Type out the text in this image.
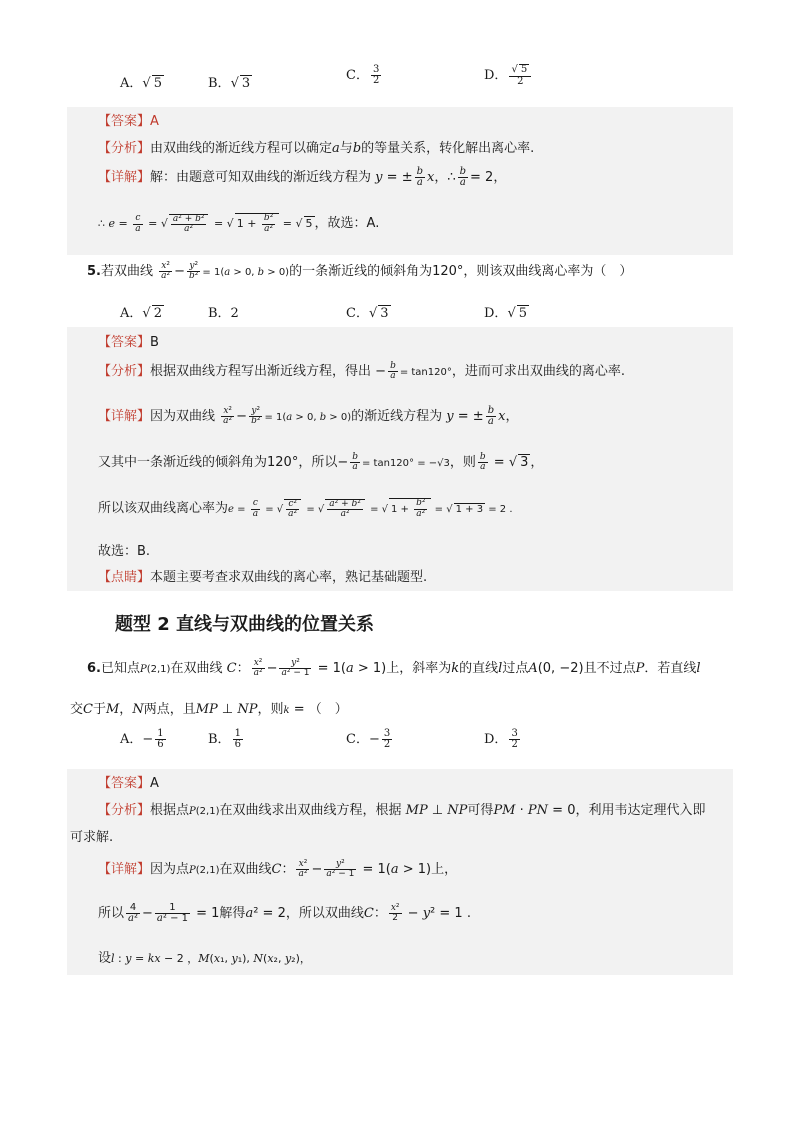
A．√ 5	B．√ 3
C． $\frac{3}{2}$	D． $\frac{√ 5}{2}$
【答案】A
【分析】由双曲线的渐近线方程可以确定a与b的等量关系，转化解出离心率.
【详解】解：由题意可知双曲线的渐近线方程为 y = ± $\frac{b}{a}$ x，∴ $\frac{b}{a} = 2$，
∴ $e = \frac{c}{a}$ = √ $\frac{\text{a² + b²}}{\text{a²}}$ = √ $1 + \frac{\text{b²}}{\text{a²}}$ = √ 5 ，故选：A.
5.若双曲线 $\frac{\text{x²}}{\text{a²}} - \frac{\text{y²}}{\text{b²}} = 1(a > 0$, b > 0)的一条渐近线的倾斜角为120°，则该双曲线离心率为（　）
A．√ 2	B．2	C．√ 3	D．√ 5
【答案】B
【分析】根据双曲线方程写出渐近线方程，得出 − $\frac{b}{a} = \tan 120^\circ$，进而可求出双曲线的离心率.
【详解】因为双曲线 $\frac{\text{x²}}{\text{a²}} - \frac{\text{y²}}{\text{b²}} = 1(a > 0$, b > 0)的渐近线方程为 y = ± $\frac{b}{a}$ x，
又其中一条渐近线的倾斜角为120°，所以− $\frac{b}{a} = \tan 120^\circ = -√3$，则 $\frac{b}{a}$ = √ 3 ，
所以该双曲线离心率为$e = \frac{c}{a}$ = √ $\frac{\text{c²}}{\text{a²}}$ = √ $\frac{\text{a² + b²}}{\text{a²}}$ = √ $1 + \frac{\text{b²}}{\text{a²}}$ = √ 1 + 3 = 2 .
故选：B.
【点睛】本题主要考查求双曲线的离心率，熟记基础题型.
题型 2 直线与双曲线的位置关系
6.已知点P(2,1)在双曲线 C： $\frac{\text{x²}}{\text{a²}} - \frac{\text{y²}}{\text{a² − 1}} = 1(a > 1)$上，斜率为k的直线l过点A(0, −2)且不过点P．若直线l
交C于M，N两点，且MP ⊥ NP，则k = （　）
A．− $\frac{1}{6}$	B． $\frac{1}{6}$	C．− $\frac{3}{2}$	D． $\frac{3}{2}$
【答案】A
【分析】根据点P(2,1)在双曲线求出双曲线方程，根据 MP ⊥ NP可得PM · PN = 0，利用韦达定理代入即
可求解.
【详解】因为点P(2,1)在双曲线C： $\frac{\text{x²}}{\text{a²}} - \frac{\text{y²}}{\text{a² − 1}} = 1(a > 1)$上，
所以 $\frac{4}{\text{a²}} - \frac{1}{\text{a² − 1}} = 1$解得a² = 2，所以双曲线C： $\frac{\text{x²}}{2} - y^2 = 1$ .
设l : y = kx − 2 ，M(x₁, y₁), N(x₂, y₂)，
